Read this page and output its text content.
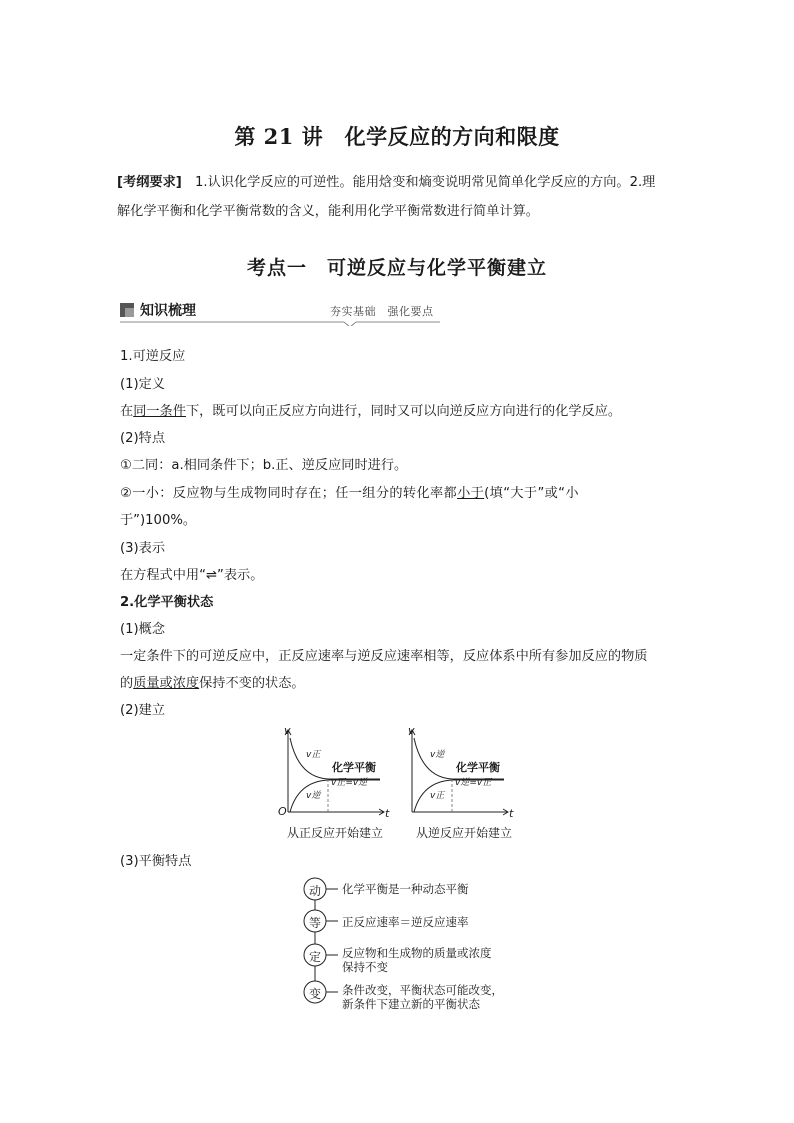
第 21 讲　化学反应的方向和限度
[考纲要求]　1.认识化学反应的可逆性。能用焓变和熵变说明常见简单化学反应的方向。2.理
解化学平衡和化学平衡常数的含义，能利用化学平衡常数进行简单计算。
考点一　可逆反应与化学平衡建立
知识梳理	夯实基础　强化要点
1.可逆反应
(1)定义
在同一条件下，既可以向正反应方向进行，同时又可以向逆反应方向进行的化学反应。
(2)特点
①二同：a.相同条件下；b.正、逆反应同时进行。
②一小：反应物与生成物同时存在；任一组分的转化率都小于(填“大于”或“小
于”)100%。
(3)表示
在方程式中用“⇌”表示。
2.化学平衡状态
(1)概念
一定条件下的可逆反应中，正反应速率与逆反应速率相等，反应体系中所有参加反应的物质
的质量或浓度保持不变的状态。
(2)建立
v
t
O
v正
v逆
化学平衡
v正=v逆
从正反应开始建立
v
t
v逆
v正
化学平衡
v逆=v正
从逆反应开始建立
(3)平衡特点
动
等
定
变
化学平衡是一种动态平衡
正反应速率＝逆反应速率
反应物和生成物的质量或浓度
保持不变
条件改变，平衡状态可能改变，
新条件下建立新的平衡状态
